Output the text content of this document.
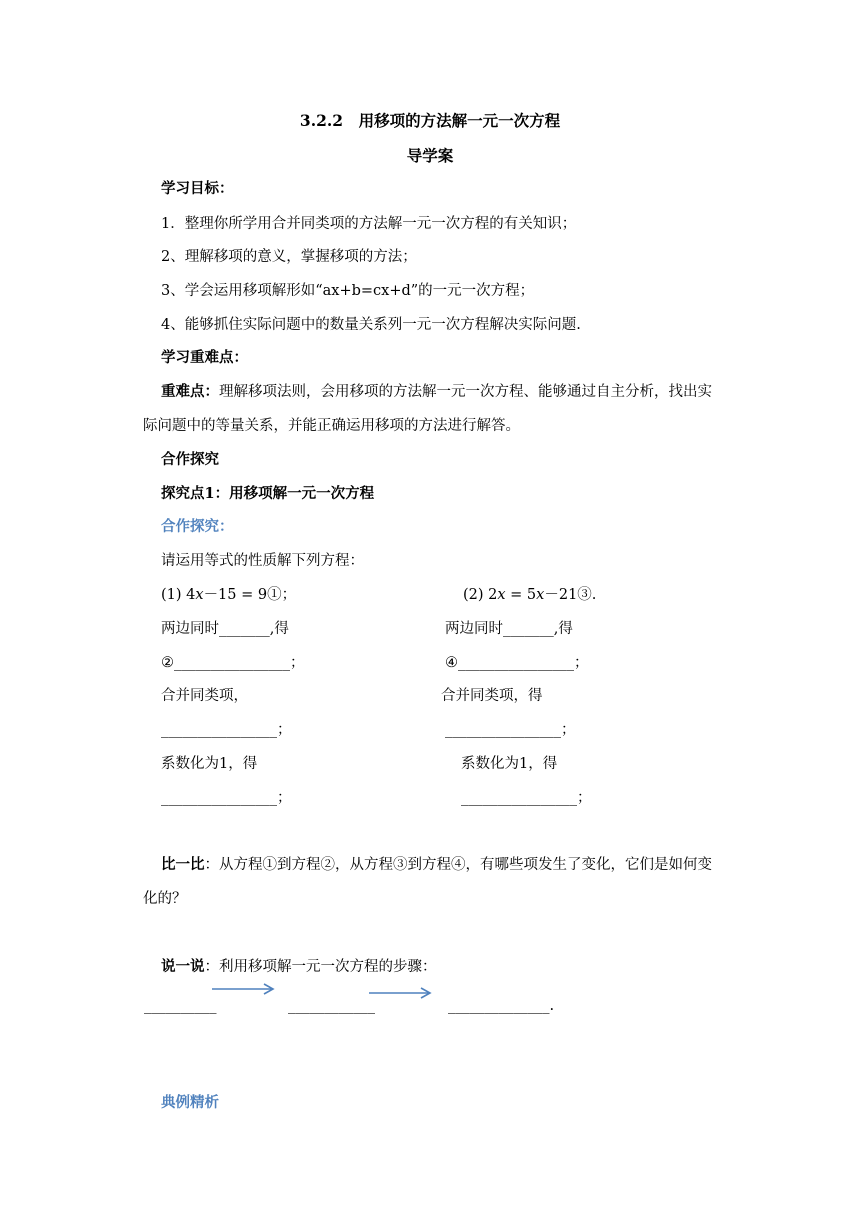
3.2.2　用移项的方法解一元一次方程
导学案
学习目标：
1．整理你所学用合并同类项的方法解一元一次方程的有关知识；
2、理解移项的意义，掌握移项的方法；
3、学会运用移项解形如“ax+b=cx+d”的一元一次方程；
4、能够抓住实际问题中的数量关系列一元一次方程解决实际问题.
学习重难点：
重难点：理解移项法则，会用移项的方法解一元一次方程、能够通过自主分析，找出实
际问题中的等量关系，并能正确运用移项的方法进行解答。
合作探究
探究点1：用移项解一元一次方程
合作探究：
请运用等式的性质解下列方程：
(1) 4x－15 = 9①；
两边同时_______,得
②________________；
合并同类项，
________________；
系数化为1，得
________________；
(2) 2x = 5x－21③.
两边同时_______,得
④________________；
合并同类项，得
________________；
系数化为1，得
________________；
比一比：从方程①到方程②，从方程③到方程④，有哪些项发生了变化，它们是如何变
化的？
说一说：利用移项解一元一次方程的步骤：
__________	____________	______________.
典例精析
